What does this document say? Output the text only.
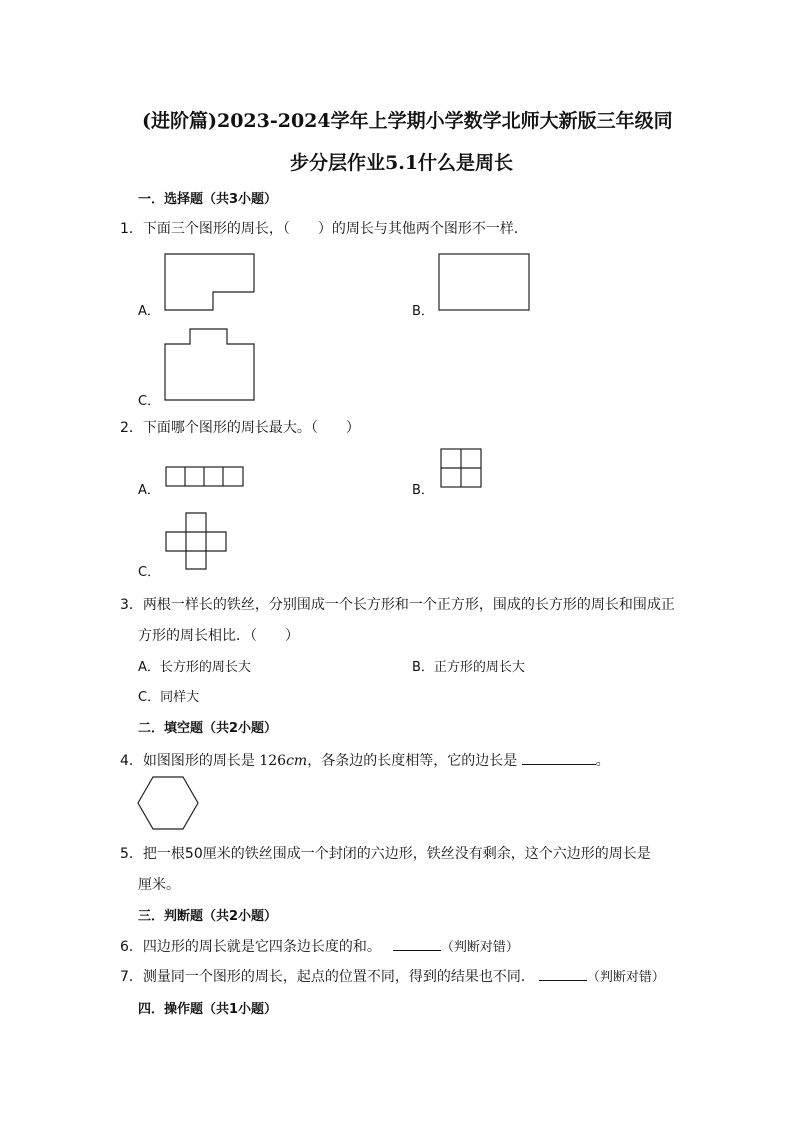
(进阶篇)2023-2024学年上学期小学数学北师大新版三年级同
步分层作业5.1什么是周长
一．选择题（共3小题）
1．下面三个图形的周长，（　　）的周长与其他两个图形不一样．
A．	B．
C．
2．下面哪个图形的周长最大。（　　）
A．	B．
C．
3．两根一样长的铁丝，分别围成一个长方形和一个正方形，围成的长方形的周长和围成正
方形的周长相比．（　　）
A．长方形的周长大	B．正方形的周长大
C．同样大
二．填空题（共2小题）
4．如图图形的周长是 126cm，各条边的长度相等，它的边长是	。
5．把一根50厘米的铁丝围成一个封闭的六边形，铁丝没有剩余，这个六边形的周长是
厘米。
三．判断题（共2小题）
6．四边形的周长就是它四条边长度的和。	（判断对错）
7．测量同一个图形的周长，起点的位置不同，得到的结果也不同．	（判断对错）
四．操作题（共1小题）
